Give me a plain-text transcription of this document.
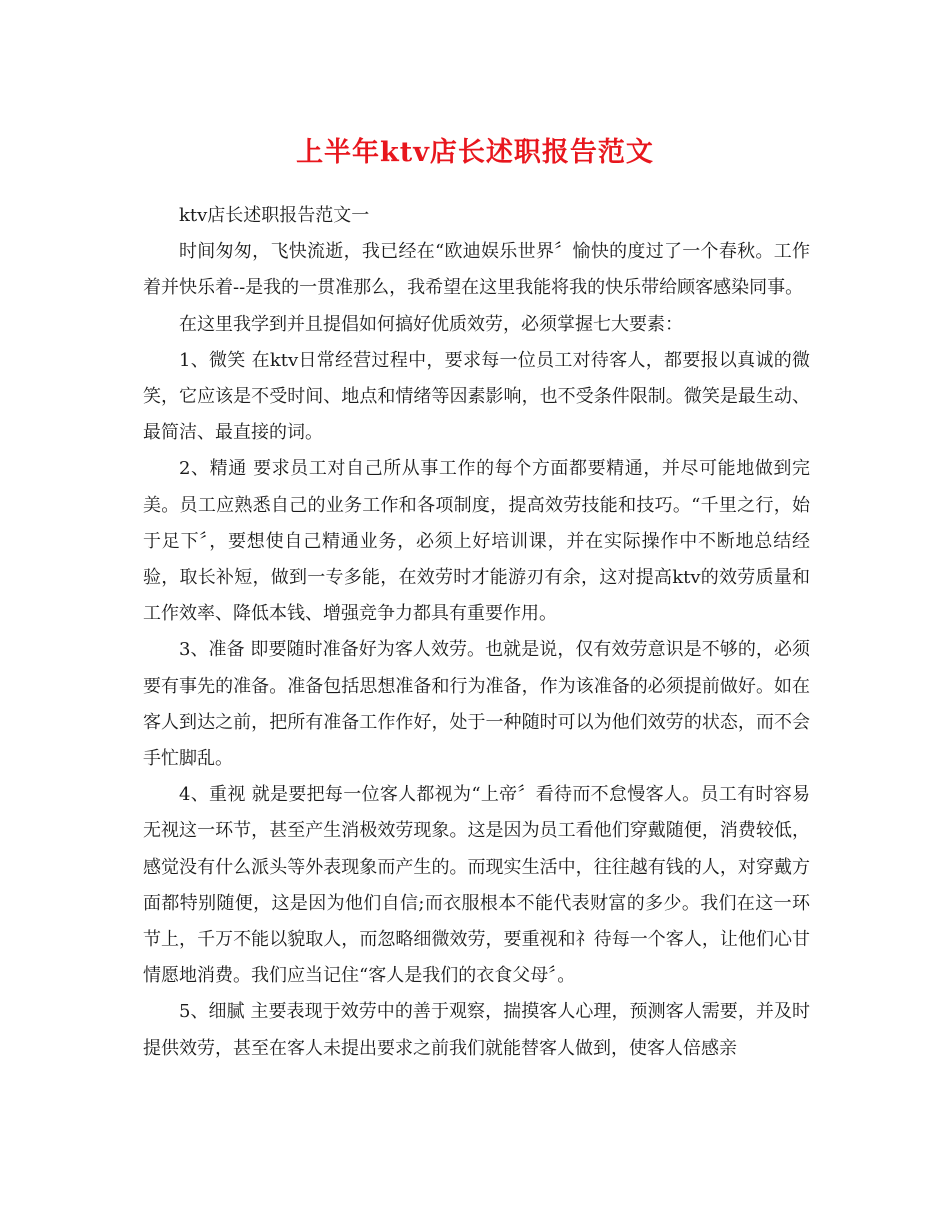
上半年ktv店长述职报告范文

ktv店长述职报告范文一

时间匆匆，飞快流逝，我已经在“欧迪娱乐世界〞愉快的度过了一个春秋。工作着并快乐着--是我的一贯准那么，我希望在这里我能将我的快乐带给顾客感染同事。

在这里我学到并且提倡如何搞好优质效劳，必须掌握七大要素：

1、微笑 在ktv日常经营过程中，要求每一位员工对待客人，都要报以真诚的微笑，它应该是不受时间、地点和情绪等因素影响，也不受条件限制。微笑是最生动、最简洁、最直接的词。

2、精通 要求员工对自己所从事工作的每个方面都要精通，并尽可能地做到完美。员工应熟悉自己的业务工作和各项制度，提高效劳技能和技巧。“千里之行，始于足下〞，要想使自己精通业务，必须上好培训课，并在实际操作中不断地总结经验，取长补短，做到一专多能，在效劳时才能游刃有余，这对提高ktv的效劳质量和工作效率、降低本钱、增强竞争力都具有重要作用。

3、准备 即要随时准备好为客人效劳。也就是说，仅有效劳意识是不够的，必须要有事先的准备。准备包括思想准备和行为准备，作为该准备的必须提前做好。如在客人到达之前，把所有准备工作作好，处于一种随时可以为他们效劳的状态，而不会手忙脚乱。

4、重视 就是要把每一位客人都视为“上帝〞看待而不怠慢客人。员工有时容易无视这一环节，甚至产生消极效劳现象。这是因为员工看他们穿戴随便，消费较低，感觉没有什么派头等外表现象而产生的。而现实生活中，往往越有钱的人，对穿戴方面都特别随便，这是因为他们自信;而衣服根本不能代表财富的多少。我们在这一环节上，千万不能以貌取人，而忽略细微效劳，要重视和礻待每一个客人，让他们心甘情愿地消费。我们应当记住“客人是我们的衣食父母〞。

5、细腻 主要表现于效劳中的善于观察，揣摸客人心理，预测客人需要，并及时提供效劳，甚至在客人未提出要求之前我们就能替客人做到，使客人倍感亲
